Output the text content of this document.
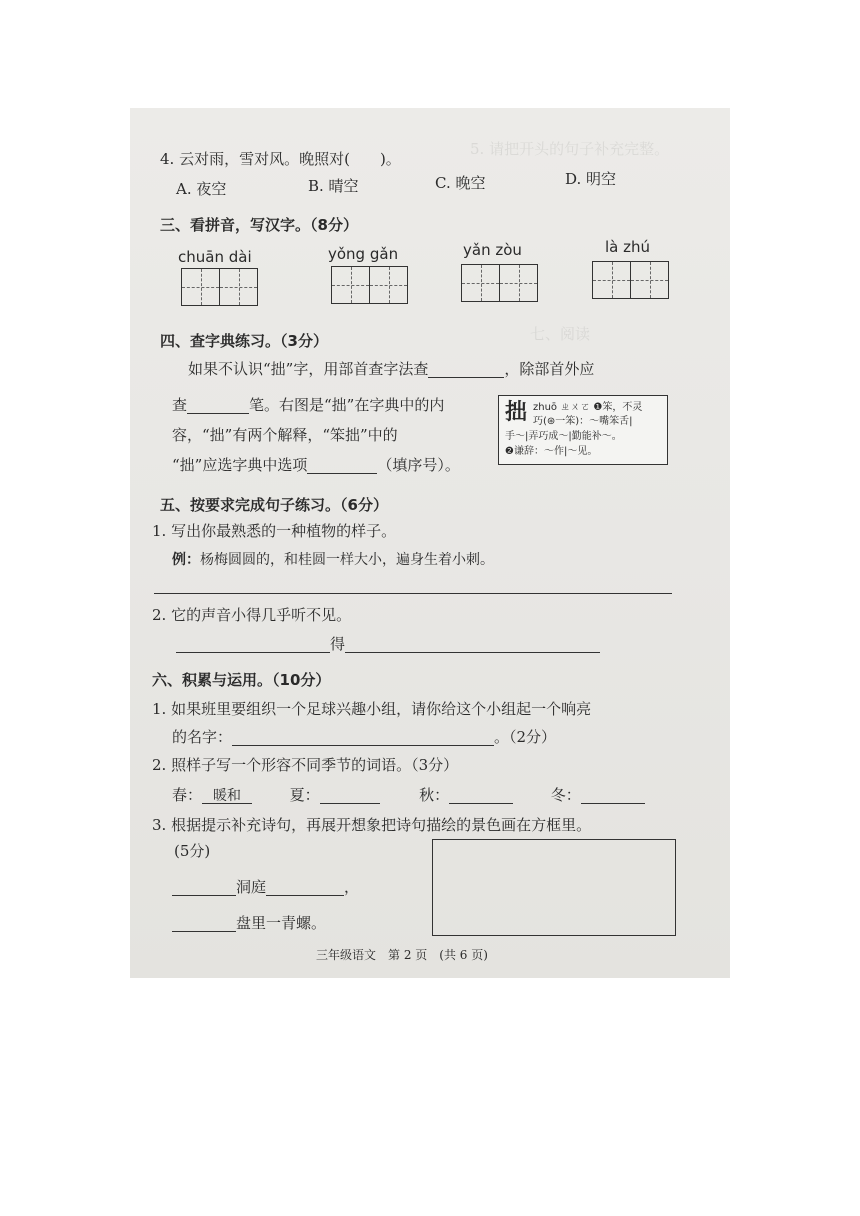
5. 请把开头的句子补充完整。
七、阅读
4. 云对雨，雪对风。晚照对( )。
A. 夜空	B. 晴空	C. 晚空	D. 明空
三、看拼音，写汉字。（8分）
chuān dài	yǒng gǎn	yǎn zòu	là zhú
四、查字典练习。（3分）
如果不认识“拙”字，用部首查字法查	，除部首外应
查	笔。右图是“拙”在字典中的内
容，“拙”有两个解释，“笨拙”中的
“拙”应选字典中选项	（填序号）。
拙 zhuō ㄓㄨㄛ ❶笨，不灵
巧(⊛一笨)：～嘴笨舌|
手～|弄巧成～|勤能补～。
❷谦辞：～作|～见。
五、按要求完成句子练习。（6分）
1. 写出你最熟悉的一种植物的样子。
例：杨梅圆圆的，和桂圆一样大小，遍身生着小刺。
2. 它的声音小得几乎听不见。
得
六、积累与运用。（10分）
1. 如果班里要组织一个足球兴趣小组，请你给这个小组起一个响亮
的名字：	。（2分）
2. 照样子写一个形容不同季节的词语。（3分）
春： 暖和	夏：	秋：	冬：
3. 根据提示补充诗句，再展开想象把诗句描绘的景色画在方框里。
(5分)
洞庭	，
盘里一青螺。
三年级语文　第 2 页　(共 6 页)
